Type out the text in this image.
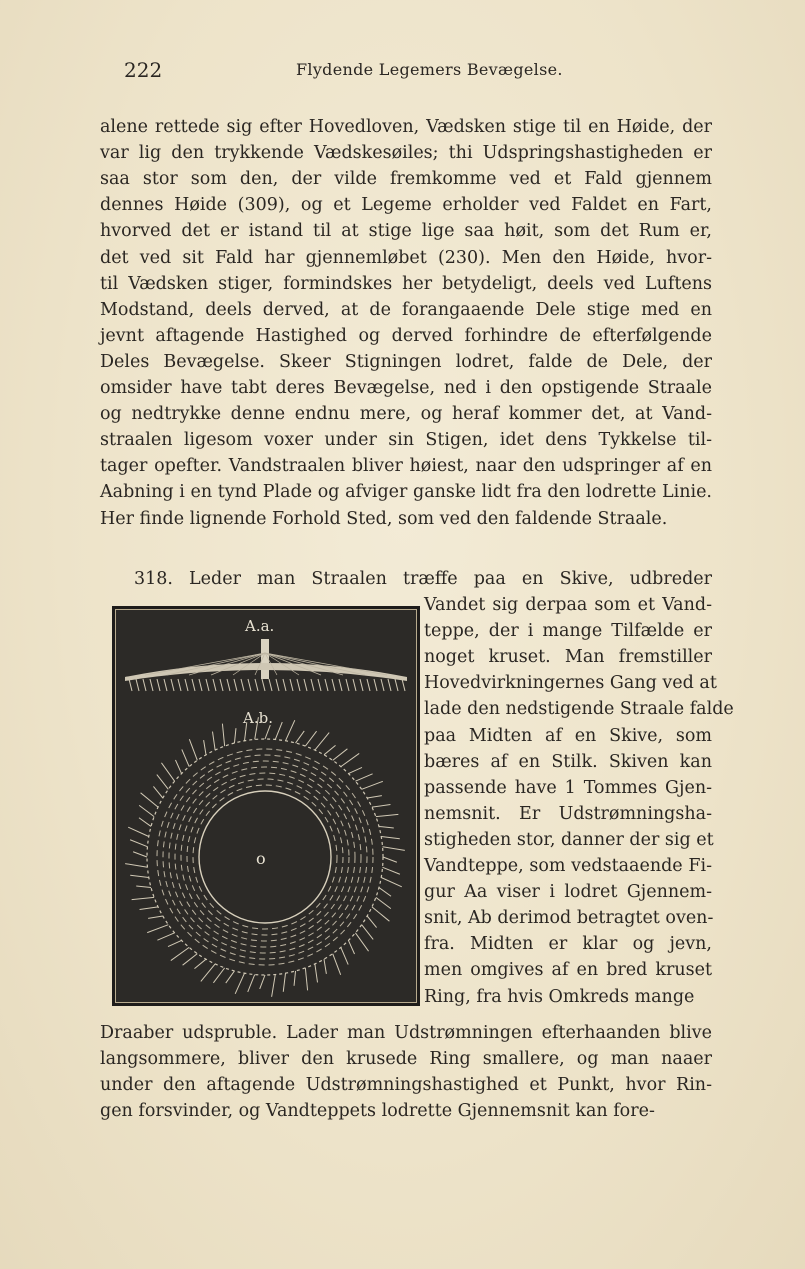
222	Flydende Legemers Bevægelse.
alene rettede sig efter Hovedloven, Vædsken stige til en Høide, der
var lig den trykkende Vædskesøiles; thi Udspringshastigheden er
saa stor som den, der vilde fremkomme ved et Fald gjennem
dennes Høide (309), og et Legeme erholder ved Faldet en Fart,
hvorved det er istand til at stige lige saa høit, som det Rum er,
det ved sit Fald har gjennemløbet (230). Men den Høide, hvor-
til Vædsken stiger, formindskes her betydeligt, deels ved Luftens
Modstand, deels derved, at de forangaaende Dele stige med en
jevnt aftagende Hastighed og derved forhindre de efterfølgende
Deles Bevægelse. Skeer Stigningen lodret, falde de Dele, der
omsider have tabt deres Bevægelse, ned i den opstigende Straale
og nedtrykke denne endnu mere, og heraf kommer det, at Vand-
straalen ligesom voxer under sin Stigen, idet dens Tykkelse til-
tager opefter. Vandstraalen bliver høiest, naar den udspringer af en
Aabning i en tynd Plade og afviger ganske lidt fra den lodrette Linie.
Her finde lignende Forhold Sted, som ved den faldende Straale.
318. Leder man Straalen træffe paa en Skive, udbreder
A.a.
A.b.
o
Vandet sig derpaa som et Vand-
teppe, der i mange Tilfælde er
noget kruset. Man fremstiller
Hovedvirkningernes Gang ved at
lade den nedstigende Straale falde
paa Midten af en Skive, som
bæres af en Stilk. Skiven kan
passende have 1 Tommes Gjen-
nemsnit. Er Udstrømningsha-
stigheden stor, danner der sig et
Vandteppe, som vedstaaende Fi-
gur Aa viser i lodret Gjennem-
snit, Ab derimod betragtet oven-
fra. Midten er klar og jevn,
men omgives af en bred kruset
Ring, fra hvis Omkreds mange
Draaber udspruble. Lader man Udstrømningen efterhaanden blive
langsommere, bliver den krusede Ring smallere, og man naaer
under den aftagende Udstrømningshastighed et Punkt, hvor Rin-
gen forsvinder, og Vandteppets lodrette Gjennemsnit kan fore-
